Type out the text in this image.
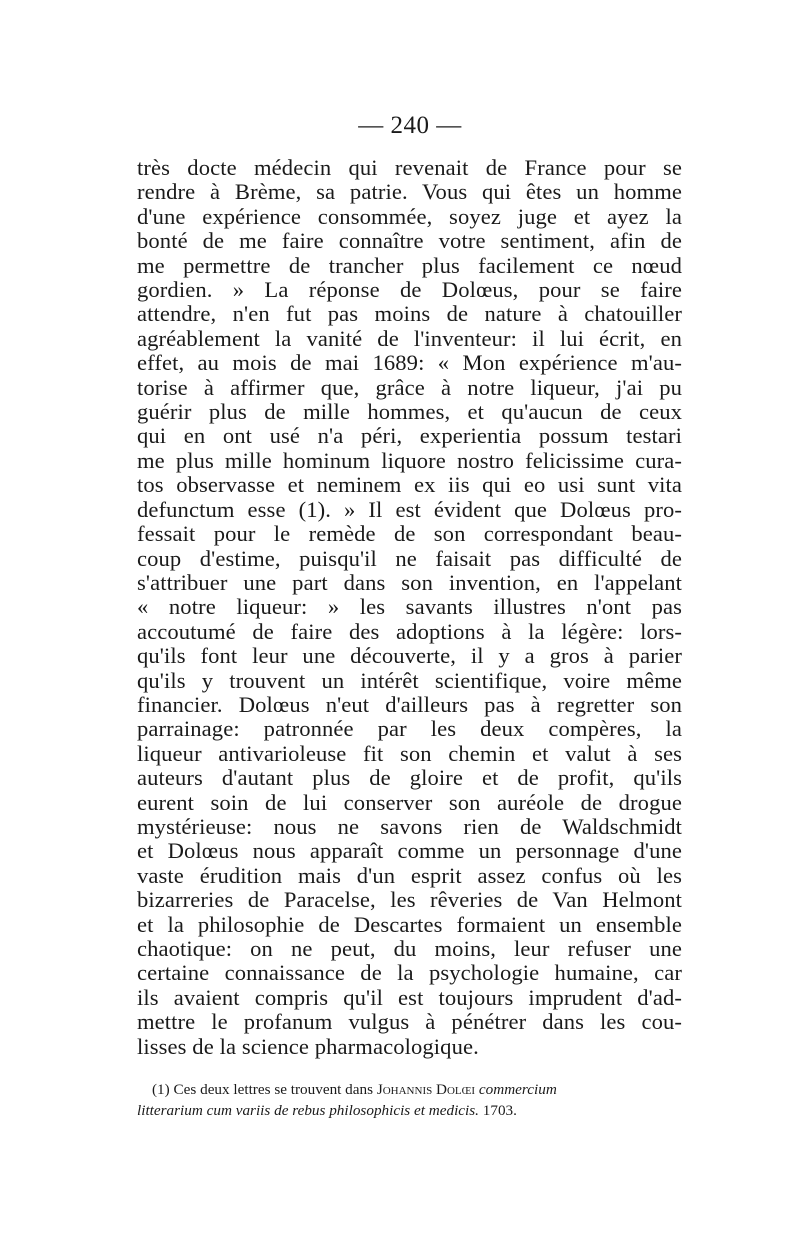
— 240 —
très docte médecin qui revenait de France pour se
rendre à Brème, sa patrie. Vous qui êtes un homme
d'une expérience consommée, soyez juge et ayez la
bonté de me faire connaître votre sentiment, afin de
me permettre de trancher plus facilement ce nœud
gordien. » La réponse de Dolœus, pour se faire
attendre, n'en fut pas moins de nature à chatouiller
agréablement la vanité de l'inventeur: il lui écrit, en
effet, au mois de mai 1689: « Mon expérience m'au-
torise à affirmer que, grâce à notre liqueur, j'ai pu
guérir plus de mille hommes, et qu'aucun de ceux
qui en ont usé n'a péri, experientia possum testari
me plus mille hominum liquore nostro felicissime cura-
tos observasse et neminem ex iis qui eo usi sunt vita
defunctum esse (1). » Il est évident que Dolœus pro-
fessait pour le remède de son correspondant beau-
coup d'estime, puisqu'il ne faisait pas difficulté de
s'attribuer une part dans son invention, en l'appelant
« notre liqueur: » les savants illustres n'ont pas
accoutumé de faire des adoptions à la légère: lors-
qu'ils font leur une découverte, il y a gros à parier
qu'ils y trouvent un intérêt scientifique, voire même
financier. Dolœus n'eut d'ailleurs pas à regretter son
parrainage: patronnée par les deux compères, la
liqueur antivarioleuse fit son chemin et valut à ses
auteurs d'autant plus de gloire et de profit, qu'ils
eurent soin de lui conserver son auréole de drogue
mystérieuse: nous ne savons rien de Waldschmidt
et Dolœus nous apparaît comme un personnage d'une
vaste érudition mais d'un esprit assez confus où les
bizarreries de Paracelse, les rêveries de Van Helmont
et la philosophie de Descartes formaient un ensemble
chaotique: on ne peut, du moins, leur refuser une
certaine connaissance de la psychologie humaine, car
ils avaient compris qu'il est toujours imprudent d'ad-
mettre le profanum vulgus à pénétrer dans les cou-
lisses de la science pharmacologique.
(1) Ces deux lettres se trouvent dans Johannis Dolœi commercium
litterarium cum variis de rebus philosophicis et medicis. 1703.
